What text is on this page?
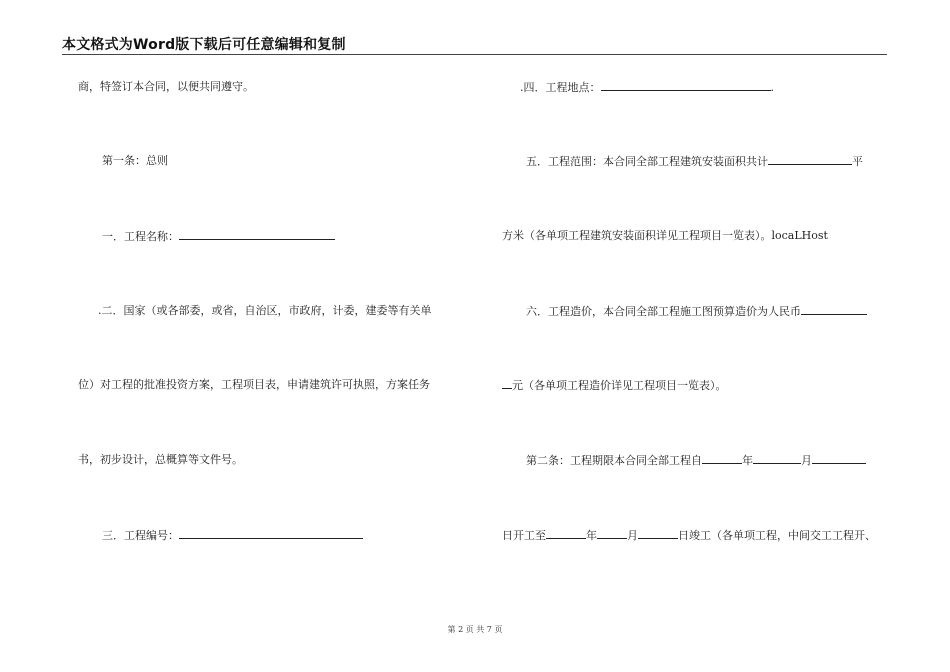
本文格式为Word版下载后可任意编辑和复制
商，特签订本合同，以便共同遵守。
第一条：总则
一．工程名称：
.二．国家（或各部委，或省，自治区，市政府，计委，建委等有关单
位）对工程的批准投资方案，工程项目表，申请建筑许可执照，方案任务
书，初步设计，总概算等文件号。
三．工程编号：
.四．工程地点：	.
五．工程范围：本合同全部工程建筑安装面积共计	平
方米（各单项工程建筑安装面积详见工程项目一览表）。locaLHost
六．工程造价，本合同全部工程施工图预算造价为人民币
元（各单项工程造价详见工程项目一览表）。
第二条：工程期限本合同全部工程自	年	月
日开工至	年	月	日竣工（各单项工程，中间交工工程开、
第 2 页 共 7 页
